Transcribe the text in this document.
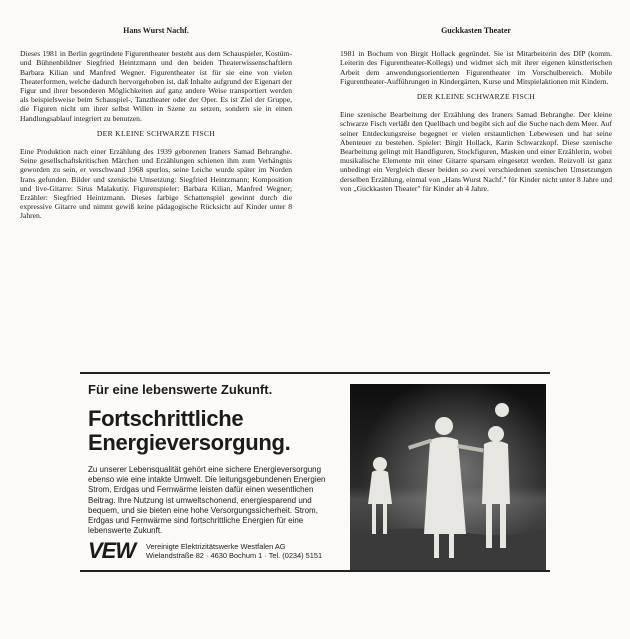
Hans Wurst Nachf.

Dieses 1981 in Berlin gegründete Figurentheater besteht aus dem Schauspieler, Kostüm- und Bühnenbildner Siegfried Heintzmann und den beiden Theaterwissenschaftlern Barbara Kilian und Manfred Wegner. Figurentheater ist für sie eine von vielen Theaterformen, welche dadurch hervorgehoben ist, daß Inhalte aufgrund der Eigenart der Figur und ihrer besonderen Möglichkeiten auf ganz andere Weise transportiert werden als beispielsweise beim Schauspiel-, Tanztheater oder der Oper. Es ist Ziel der Gruppe, die Figuren nicht um ihrer selbst Willen in Szene zu setzen, sondern sie in einen Handlungsablauf integriert zu benutzen.

DER KLEINE SCHWARZE FISCH

Eine Produktion nach einer Erzählung des 1939 geborenen Iraners Samad Behranghe. Seine gesellschaftskritischen Märchen und Erzählungen schienen ihm zum Verhängnis geworden zu sein, er verschwand 1968 spurlos, seine Leiche wurde später im Norden Irans gefunden. Bilder und szenische Umsetzung: Siegfried Heintzmann; Komposition und live-Gitarre: Sirus Malakutiy. Figurenspieler: Barbara Kilian, Manfred Wegner; Erzähler: Siegfried Heintzmann. Dieses farbige Schattenspiel gewinnt durch die expressive Gitarre und nimmt gewiß keine pädagogische Rücksicht auf Kinder unter 8 Jahren.

Guckkasten Theater

1981 in Bochum von Birgit Hollack gegründet. Sie ist Mitarbeiterin des DIP (komm. Leiterin des Figurentheater-Kollegs) und widmet sich mit ihrer eigenen künstlerischen Arbeit dem anwendungsorientierten Figurentheater im Vorschulbereich. Mobile Figurentheater-Aufführungen in Kindergärten, Kurse und Mitspielaktionen mit Kindern.

DER KLEINE SCHWARZE FISCH

Eine szenische Bearbeitung der Erzählung des Iraners Samad Behranghe. Der kleine schwarze Fisch verläßt den Quellbach und begibt sich auf die Suche nach dem Meer. Auf seiner Entdeckungsreise begegnet er vielen erstaunlichen Lebewesen und hat seine Abenteuer zu bestehen. Spieler: Birgit Hollack, Karin Schwarzkopf. Diese szenische Bearbeitung gelingt mit Handfiguren, Stockfiguren, Masken und einer Erzählerin, wobei musikalische Elemente mit einer Gitarre sparsam eingesetzt werden. Reizvoll ist ganz unbedingt ein Vergleich dieser beiden so zwei verschiedenen szenischen Umsetzungen derselben Erzählung, einmal von „Hans Wurst Nachf." für Kinder nicht unter 8 Jahre und von „Guckkasten Theater" für Kinder ab 4 Jahre.

Für eine lebenswerte Zukunft.
Fortschrittliche
Energieversorgung.

Zu unserer Lebensqualität gehört eine sichere Energieversorgung ebenso wie eine intakte Umwelt. Die leitungsgebundenen Energien Strom, Erdgas und Fernwärme leisten dafür einen wesentlichen Beitrag. Ihre Nutzung ist umweltschonend, energiesparend und bequem, und sie bieten eine hohe Versorgungssicherheit. Strom, Erdgas und Fernwärme sind fortschrittliche Energien für eine lebenswerte Zukunft.

VEW Vereinigte Elektrizitätswerke Westfalen AG
Wielandstraße 82 · 4630 Bochum 1 · Tel. (0234) 5151
